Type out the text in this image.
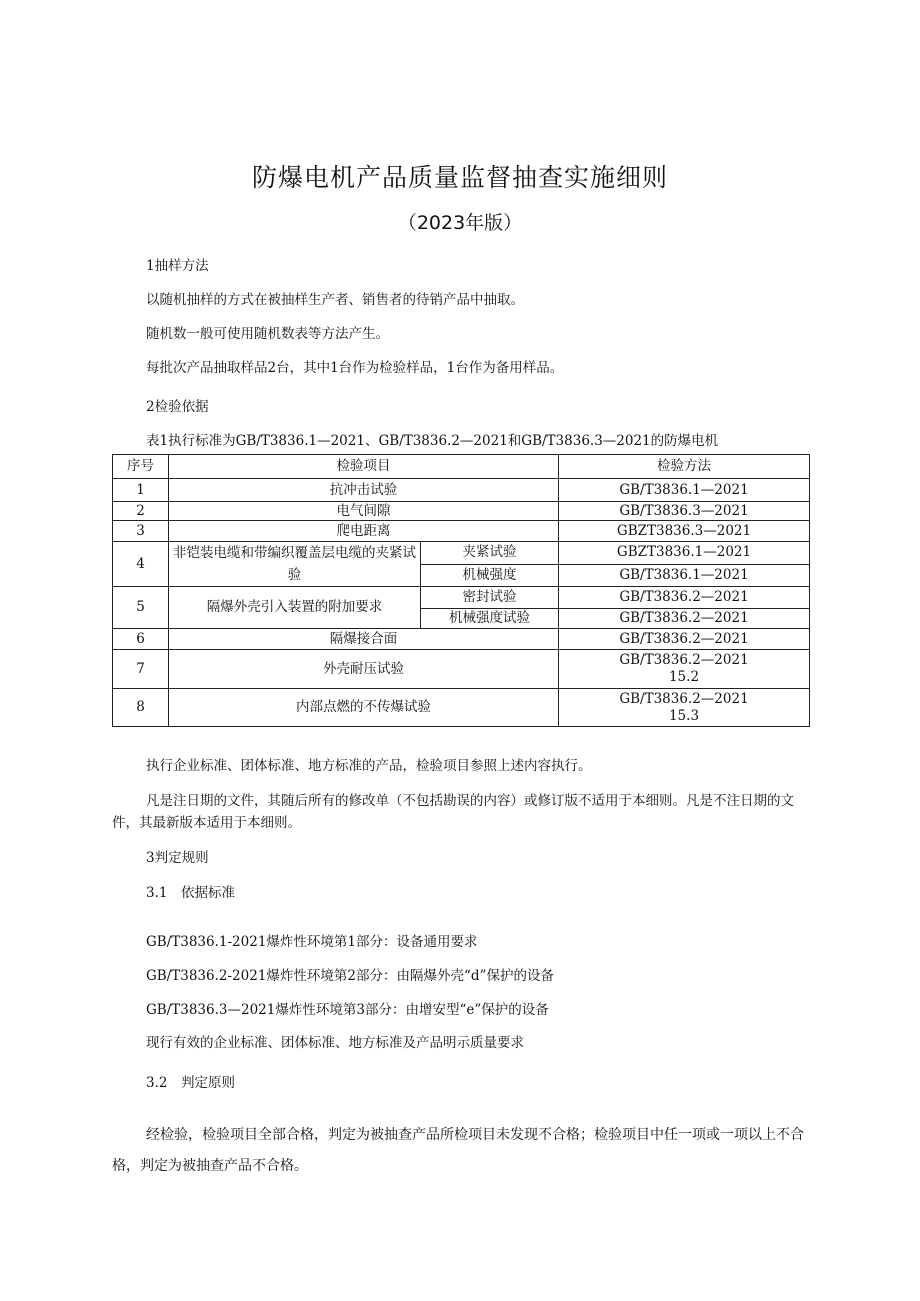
防爆电机产品质量监督抽查实施细则
（2023年版）
1抽样方法
以随机抽样的方式在被抽样生产者、销售者的待销产品中抽取。
随机数一般可使用随机数表等方法产生。
每批次产品抽取样品2台，其中1台作为检验样品，1台作为备用样品。
2检验依据
表1执行标准为GB/T3836.1—2021、GB/T3836.2—2021和GB/T3836.3—2021的防爆电机
序号	检验项目		检验方法
1	抗冲击试验		GB/T3836.1—2021
2	电气间隙		GB/T3836.3—2021
3	爬电距离		GBZT3836.3—2021
4	非铠装电缆和带编织覆盖层电缆的夹紧试验	夹紧试验	GBZT3836.1—2021
		机械强度	GB/T3836.1—2021
5	隔爆外壳引入装置的附加要求	密封试验	GB/T3836.2—2021
		机械强度试验	GB/T3836.2—2021
6	隔爆接合面		GB/T3836.2—2021
7	外壳耐压试验		GB/T3836.2—2021
15.2

8	内部点燃的不传爆试验		GB/T3836.2—2021
15.3
执行企业标准、团体标准、地方标准的产品，检验项目参照上述内容执行。
凡是注日期的文件，其随后所有的修改单（不包括勘误的内容）或修订版不适用于本细则。凡是不注日期的文件，其最新版本适用于本细则。
3判定规则
3.1　依据标准
GB/T3836.1-2021爆炸性环境第1部分：设备通用要求
GB/T3836.2-2021爆炸性环境第2部分：由隔爆外壳“d”保护的设备
GB/T3836.3—2021爆炸性环境第3部分：由增安型“e”保护的设备
现行有效的企业标准、团体标准、地方标准及产品明示质量要求
3.2　判定原则
经检验，检验项目全部合格，判定为被抽查产品所检项目未发现不合格；检验项目中任一项或一项以上不合格，判定为被抽查产品不合格。
